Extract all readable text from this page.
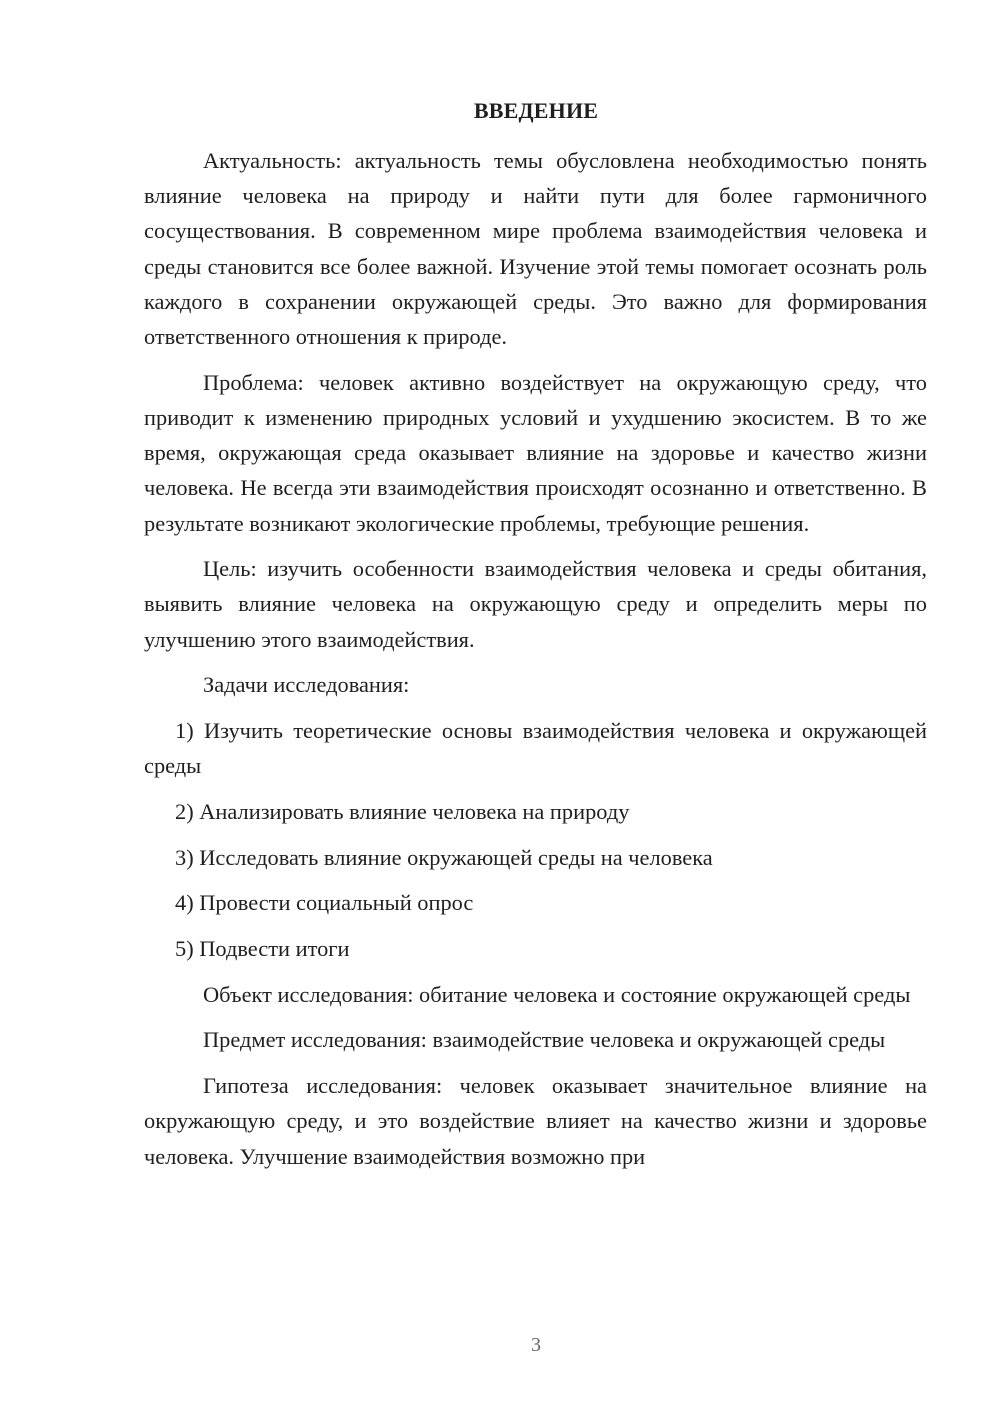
ВВЕДЕНИЕ

Актуальность: актуальность темы обусловлена необходимостью понять влияние человека на природу и найти пути для более гармоничного сосуществования. В современном мире проблема взаимодействия человека и среды становится все более важной. Изучение этой темы помогает осознать роль каждого в сохранении окружающей среды. Это важно для формирования ответственного отношения к природе.

Проблема: человек активно воздействует на окружающую среду, что приводит к изменению природных условий и ухудшению экосистем. В то же время, окружающая среда оказывает влияние на здоровье и качество жизни человека. Не всегда эти взаимодействия происходят осознанно и ответственно. В результате возникают экологические проблемы, требующие решения.

Цель: изучить особенности взаимодействия человека и среды обитания, выявить влияние человека на окружающую среду и определить меры по улучшению этого взаимодействия.

Задачи исследования:

1) Изучить теоретические основы взаимодействия человека и окружающей среды

2) Анализировать влияние человека на природу

3) Исследовать влияние окружающей среды на человека

4) Провести социальный опрос

5) Подвести итоги

Объект исследования: обитание человека и состояние окружающей среды

Предмет исследования: взаимодействие человека и окружающей среды

Гипотеза исследования: человек оказывает значительное влияние на окружающую среду, и это воздействие влияет на качество жизни и здоровье человека. Улучшение взаимодействия возможно при

3
